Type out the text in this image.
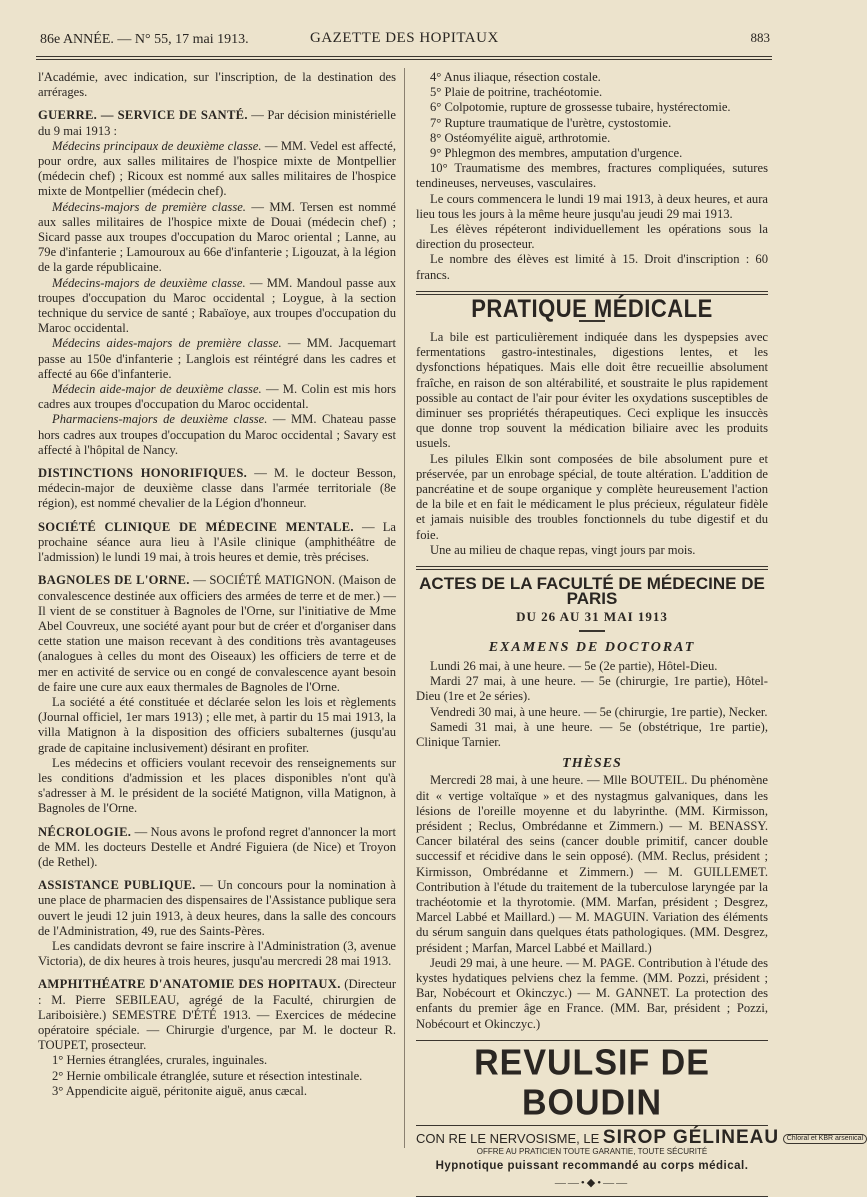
86e ANNÉE. — N° 55, 17 mai 1913.	GAZETTE DES HOPITAUX	883

l'Académie, avec indication, sur l'inscription, de la destination des arrérages.

GUERRE. — SERVICE DE SANTÉ. — Par décision ministérielle du 9 mai 1913 :

Médecins principaux de deuxième classe. — MM. Vedel est affecté, pour ordre, aux salles militaires de l'hospice mixte de Montpellier (médecin chef) ; Ricoux est nommé aux salles militaires de l'hospice mixte de Montpellier (médecin chef).

Médecins-majors de première classe. — MM. Tersen est nommé aux salles militaires de l'hospice mixte de Douai (médecin chef) ; Sicard passe aux troupes d'occupation du Maroc oriental ; Lanne, au 79e d'infanterie ; Lamouroux au 66e d'infanterie ; Ligouzat, à la légion de la garde républicaine.

Médecins-majors de deuxième classe. — MM. Mandoul passe aux troupes d'occupation du Maroc occidental ; Loygue, à la section technique du service de santé ; Rabaïoye, aux troupes d'occupation du Maroc occidental.

Médecins aides-majors de première classe. — MM. Jacquemart passe au 150e d'infanterie ; Langlois est réintégré dans les cadres et affecté au 66e d'infanterie.

Médecin aide-major de deuxième classe. — M. Colin est mis hors cadres aux troupes d'occupation du Maroc occidental.

Pharmaciens-majors de deuxième classe. — MM. Chateau passe hors cadres aux troupes d'occupation du Maroc occidental ; Savary est affecté à l'hôpital de Nancy.

DISTINCTIONS HONORIFIQUES. — M. le docteur Besson, médecin-major de deuxième classe dans l'armée territoriale (8e région), est nommé chevalier de la Légion d'honneur.

SOCIÉTÉ CLINIQUE DE MÉDECINE MENTALE. — La prochaine séance aura lieu à l'Asile clinique (amphithéâtre de l'admission) le lundi 19 mai, à trois heures et demie, très précises.

BAGNOLES DE L'ORNE. — SOCIÉTÉ MATIGNON. (Maison de convalescence destinée aux officiers des armées de terre et de mer.) — Il vient de se constituer à Bagnoles de l'Orne, sur l'initiative de Mme Abel Couvreux, une société ayant pour but de créer et d'organiser dans cette station une maison recevant à des conditions très avantageuses (analogues à celles du mont des Oiseaux) les officiers de terre et de mer en activité de service ou en congé de convalescence ayant besoin de faire une cure aux eaux thermales de Bagnoles de l'Orne.

La société a été constituée et déclarée selon les lois et règlements (Journal officiel, 1er mars 1913) ; elle met, à partir du 15 mai 1913, la villa Matignon à la disposition des officiers subalternes (jusqu'au grade de capitaine inclusivement) désirant en profiter.

Les médecins et officiers voulant recevoir des renseignements sur les conditions d'admission et les places disponibles n'ont qu'à s'adresser à M. le président de la société Matignon, villa Matignon, à Bagnoles de l'Orne.

NÉCROLOGIE. — Nous avons le profond regret d'annoncer la mort de MM. les docteurs Destelle et André Figuiera (de Nice) et Troyon (de Rethel).

ASSISTANCE PUBLIQUE. — Un concours pour la nomination à une place de pharmacien des dispensaires de l'Assistance publique sera ouvert le jeudi 12 juin 1913, à deux heures, dans la salle des concours de l'Administration, 49, rue des Saints-Pères.

Les candidats devront se faire inscrire à l'Administration (3, avenue Victoria), de dix heures à trois heures, jusqu'au mercredi 28 mai 1913.

AMPHITHÉATRE D'ANATOMIE DES HOPITAUX. (Directeur : M. Pierre SEBILEAU, agrégé de la Faculté, chirurgien de Lariboisière.) SEMESTRE D'ÉTÉ 1913. — Exercices de médecine opératoire spéciale. — Chirurgie d'urgence, par M. le docteur R. TOUPET, prosecteur.

1° Hernies étranglées, crurales, inguinales.

2° Hernie ombilicale étranglée, suture et résection intestinale.

3° Appendicite aiguë, péritonite aiguë, anus cæcal.

4° Anus iliaque, résection costale.

5° Plaie de poitrine, trachéotomie.

6° Colpotomie, rupture de grossesse tubaire, hystérectomie.

7° Rupture traumatique de l'urètre, cystostomie.

8° Ostéomyélite aiguë, arthrotomie.

9° Phlegmon des membres, amputation d'urgence.

10° Traumatisme des membres, fractures compliquées, sutures tendineuses, nerveuses, vasculaires.

Le cours commencera le lundi 19 mai 1913, à deux heures, et aura lieu tous les jours à la même heure jusqu'au jeudi 29 mai 1913.

Les élèves répéteront individuellement les opérations sous la direction du prosecteur.

Le nombre des élèves est limité à 15. Droit d'inscription : 60 francs.

PRATIQUE MÉDICALE

La bile est particulièrement indiquée dans les dyspepsies avec fermentations gastro-intestinales, digestions lentes, et les dysfonctions hépatiques. Mais elle doit être recueillie absolument fraîche, en raison de son altérabilité, et soustraite le plus rapidement possible au contact de l'air pour éviter les oxydations susceptibles de diminuer ses propriétés thérapeutiques. Ceci explique les insuccès que donne trop souvent la médication biliaire avec les produits usuels.

Les pilules Elkin sont composées de bile absolument pure et préservée, par un enrobage spécial, de toute altération. L'addition de pancréatine et de soupe organique y complète heureusement l'action de la bile et en fait le médicament le plus précieux, régulateur fidèle et jamais nuisible des troubles fonctionnels du tube digestif et du foie.

Une au milieu de chaque repas, vingt jours par mois.

ACTES DE LA FACULTÉ DE MÉDECINE DE PARIS
DU 26 AU 31 MAI 1913
EXAMENS DE DOCTORAT

Lundi 26 mai, à une heure. — 5e (2e partie), Hôtel-Dieu.

Mardi 27 mai, à une heure. — 5e (chirurgie, 1re partie), Hôtel-Dieu (1re et 2e séries).

Vendredi 30 mai, à une heure. — 5e (chirurgie, 1re partie), Necker.

Samedi 31 mai, à une heure. — 5e (obstétrique, 1re partie), Clinique Tarnier.

THÈSES

Mercredi 28 mai, à une heure. — Mlle BOUTEIL. Du phénomène dit « vertige voltaïque » et des nystagmus galvaniques, dans les lésions de l'oreille moyenne et du labyrinthe. (MM. Kirmisson, président ; Reclus, Ombrédanne et Zimmern.) — M. BENASSY. Cancer bilatéral des seins (cancer double primitif, cancer double successif et récidive dans le sein opposé). (MM. Reclus, président ; Kirmisson, Ombrédanne et Zimmern.) — M. GUILLEMET. Contribution à l'étude du traitement de la tuberculose laryngée par la trachéotomie et la thyrotomie. (MM. Marfan, président ; Desgrez, Marcel Labbé et Maillard.) — M. MAGUIN. Variation des éléments du sérum sanguin dans quelques états pathologiques. (MM. Desgrez, président ; Marfan, Marcel Labbé et Maillard.)

Jeudi 29 mai, à une heure. — M. PAGE. Contribution à l'étude des kystes hydatiques pelviens chez la femme. (MM. Pozzi, président ; Bar, Nobécourt et Okinczyc.) — M. GANNET. La protection des enfants du premier âge en France. (MM. Bar, président ; Pozzi, Nobécourt et Okinczyc.)

REVULSIF DE BOUDIN
CON RE LE NERVOSISME, LE SIROP GÉLINEAU Chloral et KBR arsenical
OFFRE AU PRATICIEN TOUTE GARANTIE, TOUTE SÉCURITÉ
Hypnotique puissant recommandé au corps médical.
——•◆•——
